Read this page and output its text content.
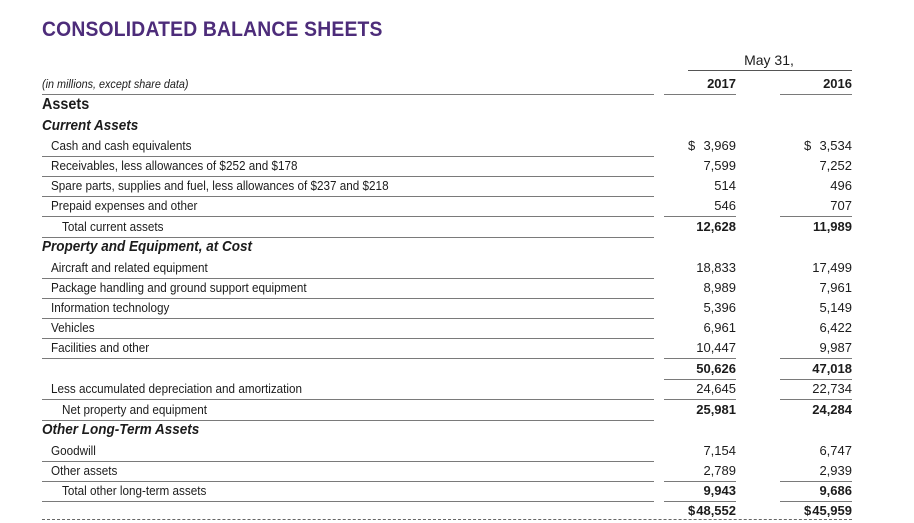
CONSOLIDATED BALANCE SHEETS
May 31,
(in millions, except share data)	2017	2016
Assets
Current Assets
Cash and cash equivalents	$ 3,969	$ 3,534
Receivables, less allowances of $252 and $178	7,599	7,252
Spare parts, supplies and fuel, less allowances of $237 and $218	514	496
Prepaid expenses and other	546	707
Total current assets	12,628	11,989
Property and Equipment, at Cost
Aircraft and related equipment	18,833	17,499
Package handling and ground support equipment	8,989	7,961
Information technology	5,396	5,149
Vehicles	6,961	6,422
Facilities and other	10,447	9,987
50,626	47,018
Less accumulated depreciation and amortization	24,645	22,734
Net property and equipment	25,981	24,284
Other Long-Term Assets
Goodwill	7,154	6,747
Other assets	2,789	2,939
Total other long-term assets	9,943	9,686
$ 48,552	$ 45,959
